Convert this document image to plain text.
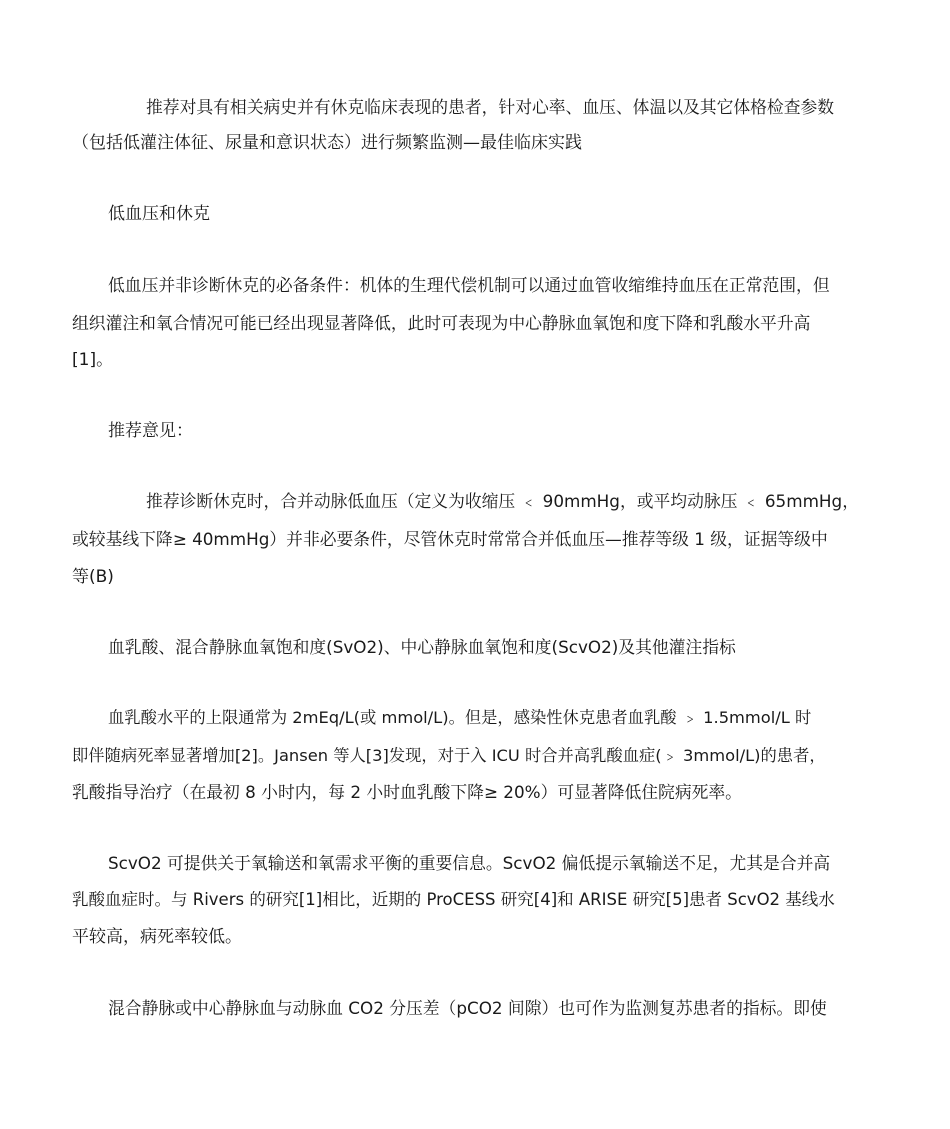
推荐对具有相关病史并有休克临床表现的患者，针对心率、血压、体温以及其它体格检查参数
（包括低灌注体征、尿量和意识状态）进行频繁监测—最佳临床实践
低血压和休克
低血压并非诊断休克的必备条件：机体的生理代偿机制可以通过血管收缩维持血压在正常范围，但
组织灌注和氧合情况可能已经出现显著降低，此时可表现为中心静脉血氧饱和度下降和乳酸水平升高
[1]。
推荐意见：
推荐诊断休克时，合并动脉低血压（定义为收缩压 ﹤ 90mmHg，或平均动脉压 ﹤ 65mmHg，
或较基线下降≥ 40mmHg）并非必要条件，尽管休克时常常合并低血压—推荐等级 1 级，证据等级中
等(B)
血乳酸、混合静脉血氧饱和度(SvO2)、中心静脉血氧饱和度(ScvO2)及其他灌注指标
血乳酸水平的上限通常为 2mEq/L(或 mmol/L)。但是，感染性休克患者血乳酸 ﹥ 1.5mmol/L 时
即伴随病死率显著增加[2]。Jansen 等人[3]发现，对于入 ICU 时合并高乳酸血症(﹥ 3mmol/L)的患者，
乳酸指导治疗（在最初 8 小时内，每 2 小时血乳酸下降≥ 20%）可显著降低住院病死率。
ScvO2 可提供关于氧输送和氧需求平衡的重要信息。ScvO2 偏低提示氧输送不足，尤其是合并高
乳酸血症时。与 Rivers 的研究[1]相比，近期的 ProCESS 研究[4]和 ARISE 研究[5]患者 ScvO2 基线水
平较高，病死率较低。
混合静脉或中心静脉血与动脉血 CO2 分压差（pCO2 间隙）也可作为监测复苏患者的指标。即使
